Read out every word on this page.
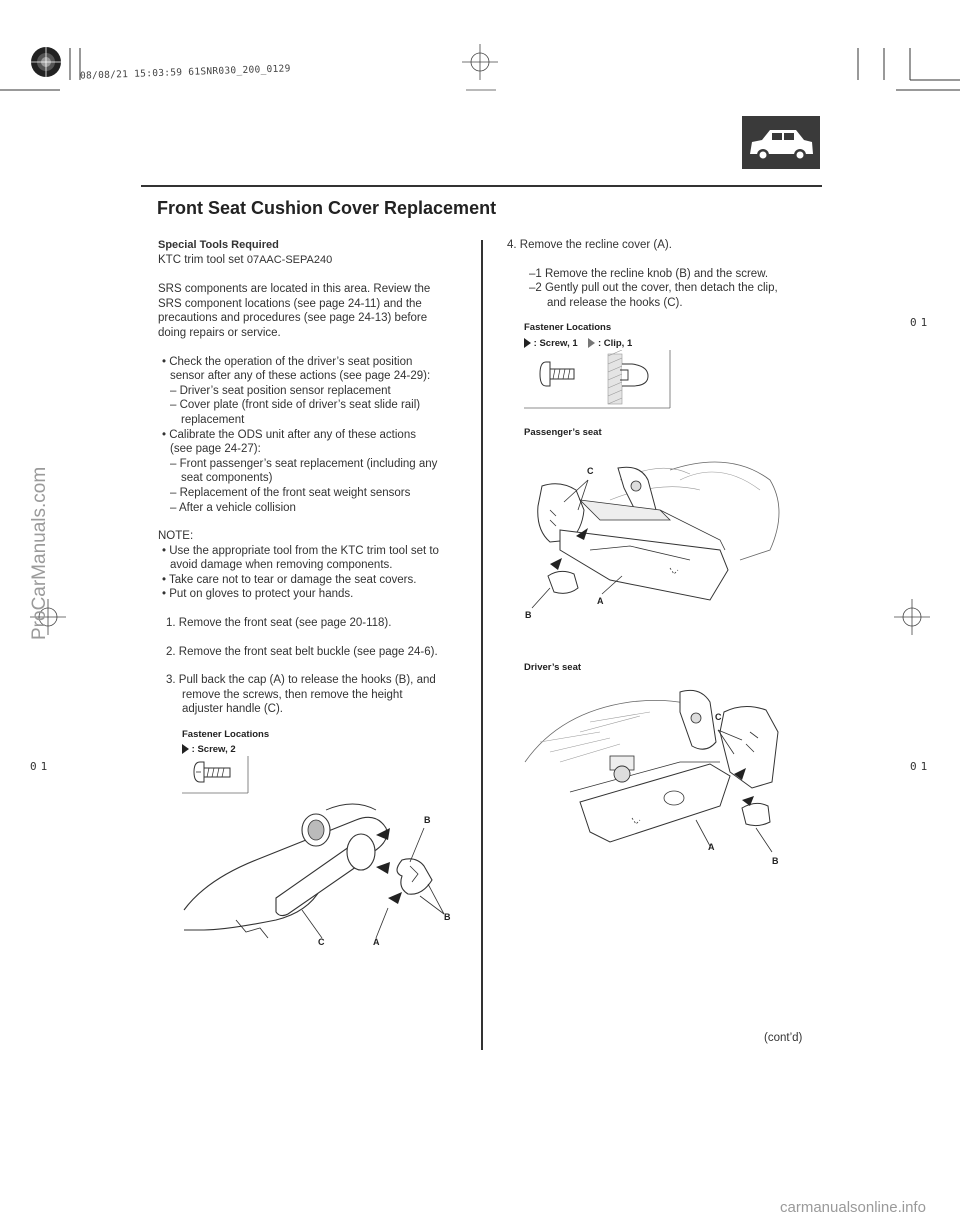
08/08/21 15:03:59 61SNR030_200_0129
Front Seat Cushion Cover Replacement
01
01	01
ProCarManuals.com
Special Tools Required
KTC trim tool set 07AAC-SEPA240
SRS components are located in this area. Review the
SRS component locations (see page 24-11) and the
precautions and procedures (see page 24-13) before
doing repairs or service.
• Check the operation of the driver’s seat position
sensor after any of these actions (see page 24-29):
– Driver’s seat position sensor replacement
– Cover plate (front side of driver’s seat slide rail)
replacement
• Calibrate the ODS unit after any of these actions
(see page 24-27):
– Front passenger’s seat replacement (including any
seat components)
– Replacement of the front seat weight sensors
– After a vehicle collision
NOTE:
• Use the appropriate tool from the KTC trim tool set to
avoid damage when removing components.
• Take care not to tear or damage the seat covers.
• Put on gloves to protect your hands.
1. Remove the front seat (see page 20-118).
2. Remove the front seat belt buckle (see page 24-6).
3. Pull back the cap (A) to release the hooks (B), and
remove the screws, then remove the height
adjuster handle (C).
Fastener Locations
: Screw, 2
B
B
C	A
4. Remove the recline cover (A).
–1 Remove the recline knob (B) and the screw.
–2 Gently pull out the cover, then detach the clip,
and release the hooks (C).
Fastener Locations
: Screw, 1 : Clip, 1
Passenger’s seat
C
A
B
Driver’s seat
C
A
B
(cont’d)
carmanualsonline.info
